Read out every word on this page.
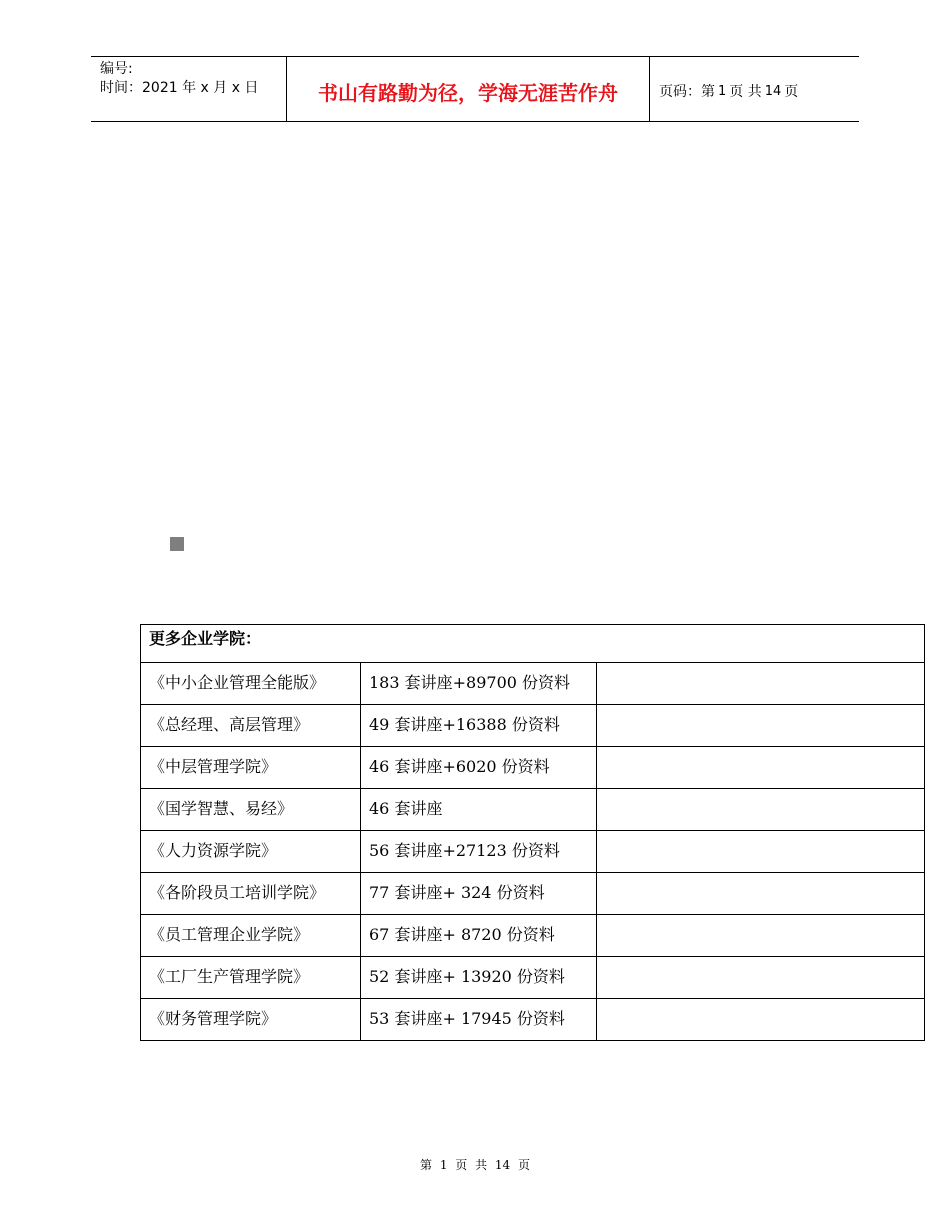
编号:
时间：2021 年 x 月 x 日	书山有路勤为径，学海无涯苦作舟	页码：第 1 页 共 14 页
更多企业学院：		
《中小企业管理全能版》	183 套讲座+89700 份资料	
《总经理、高层管理》	49 套讲座+16388 份资料	
《中层管理学院》	46 套讲座+6020 份资料	
《国学智慧、易经》	46 套讲座	
《人力资源学院》	56 套讲座+27123 份资料	
《各阶段员工培训学院》	77 套讲座+ 324 份资料	
《员工管理企业学院》	67 套讲座+ 8720 份资料	
《工厂生产管理学院》	52 套讲座+ 13920 份资料	
《财务管理学院》	53 套讲座+ 17945 份资料	
第 1 页 共 14 页
